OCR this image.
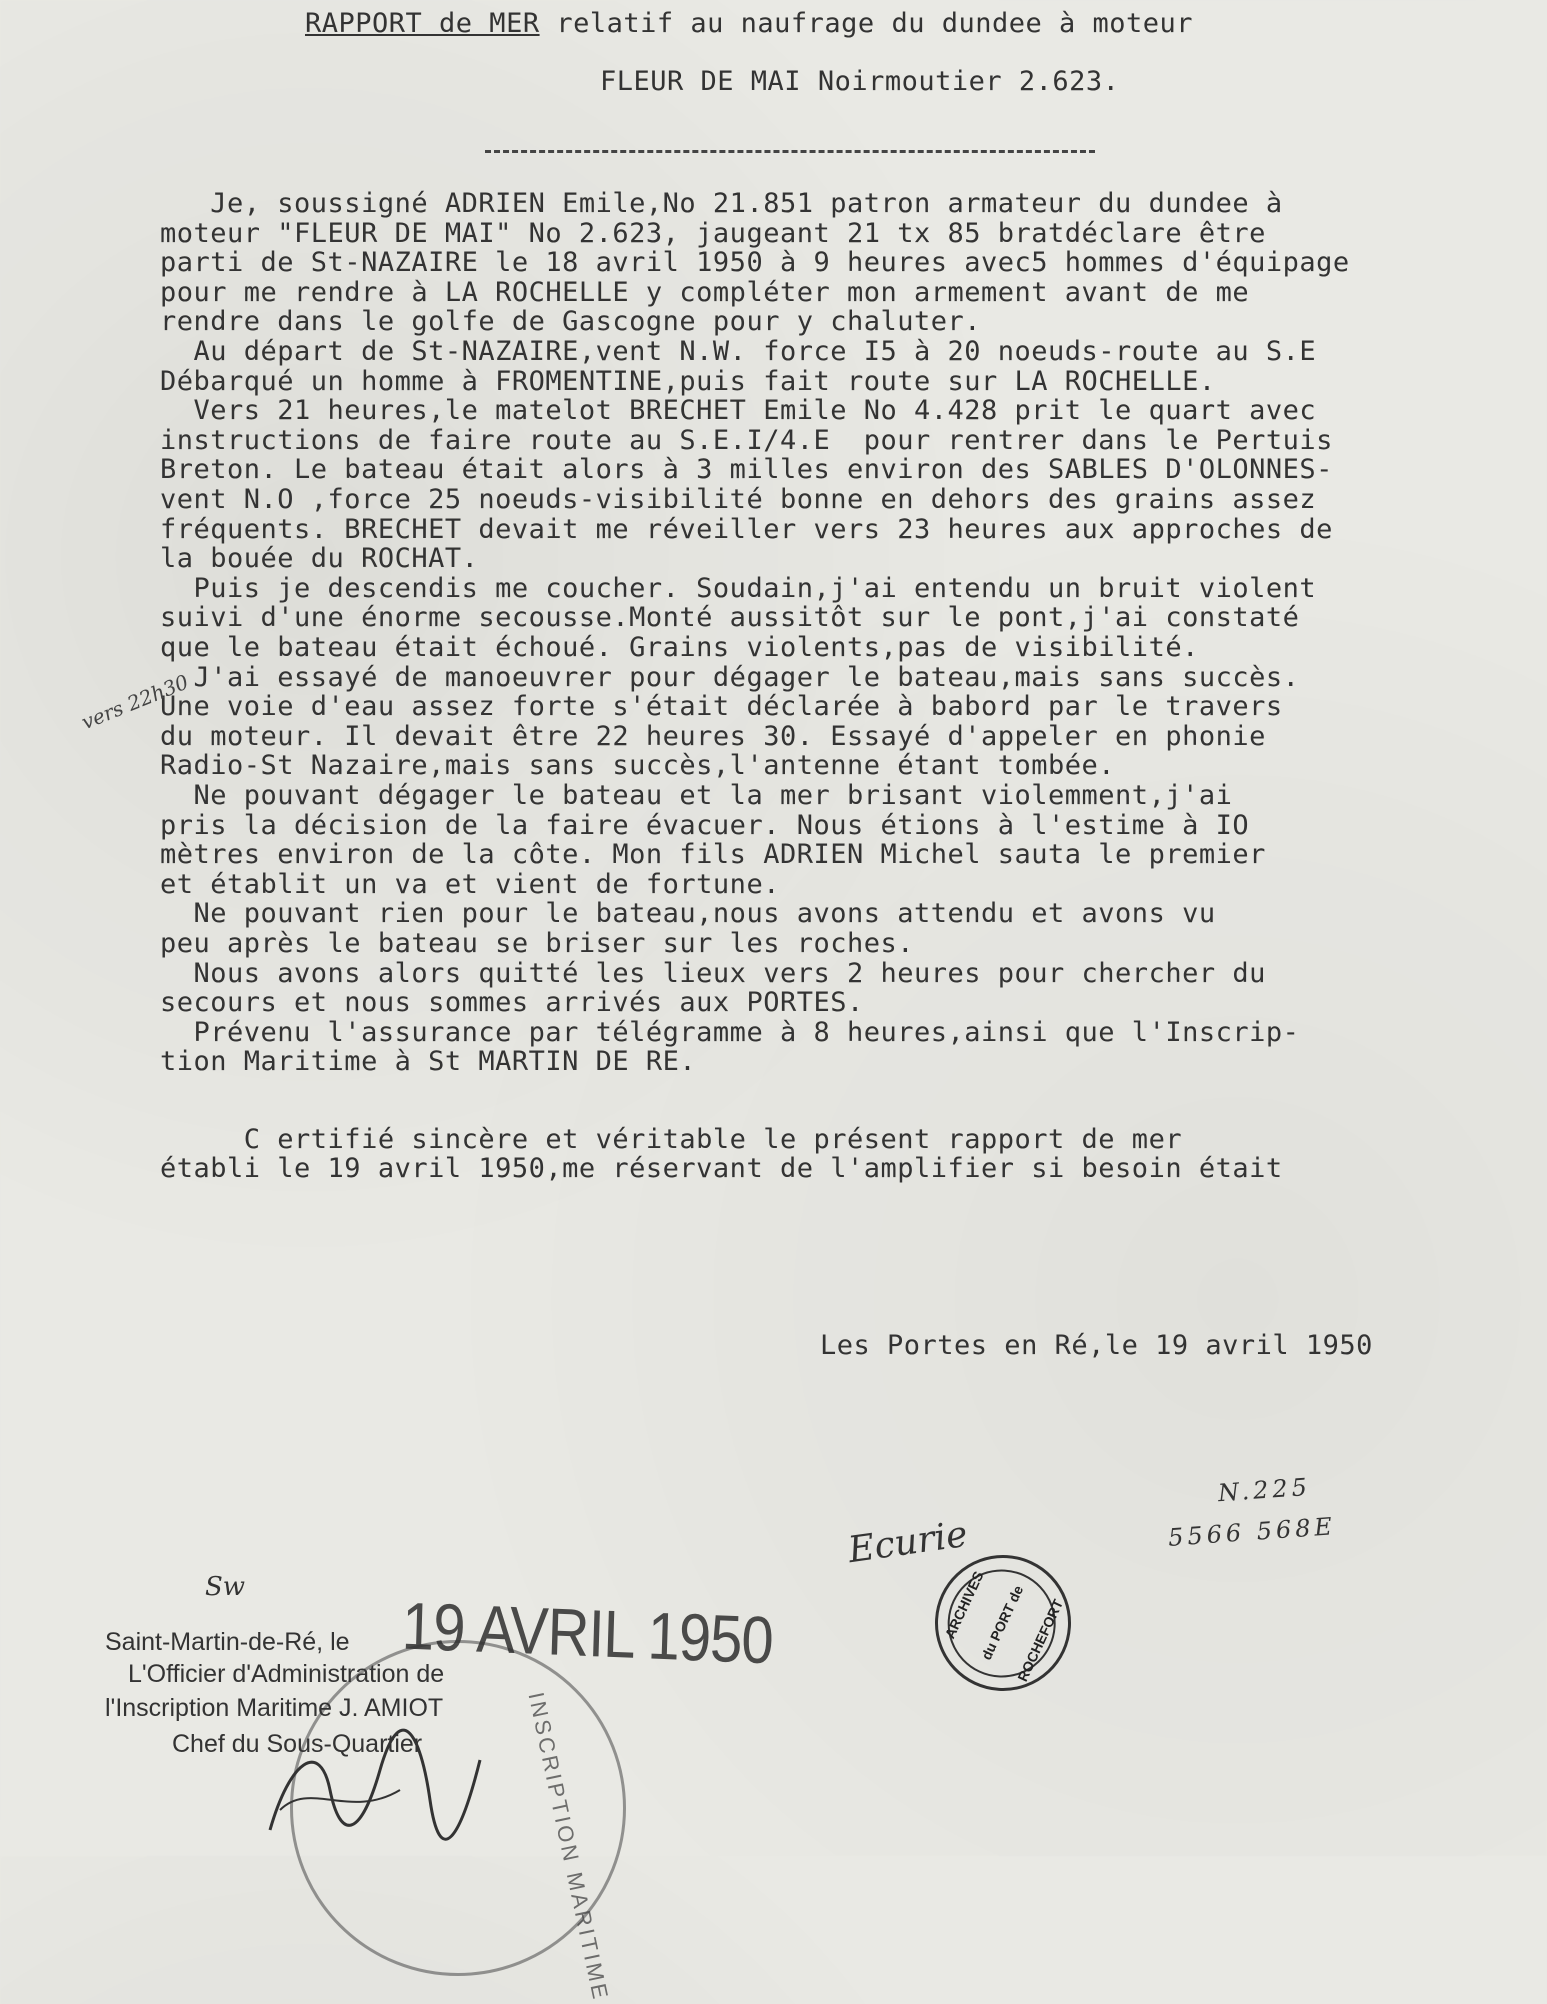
RAPPORT de MER relatif au naufrage du dundee à moteur
FLEUR DE MAI Noirmoutier 2.623.
Je, soussigné ADRIEN Emile,No 21.851 patron armateur du dundee à
moteur "FLEUR DE MAI" No 2.623, jaugeant 21 tx 85 bratdéclare être
parti de St-NAZAIRE le 18 avril 1950 à 9 heures avec5 hommes d'équipage
pour me rendre à LA ROCHELLE y compléter mon armement avant de me
rendre dans le golfe de Gascogne pour y chaluter.
Au départ de St-NAZAIRE,vent N.W. force I5 à 20 noeuds-route au S.E
Débarqué un homme à FROMENTINE,puis fait route sur LA ROCHELLE.
Vers 21 heures,le matelot BRECHET Emile No 4.428 prit le quart avec
instructions de faire route au S.E.I/4.E  pour rentrer dans le Pertuis
Breton. Le bateau était alors à 3 milles environ des SABLES D'OLONNES-
vent N.O ,force 25 noeuds-visibilité bonne en dehors des grains assez
fréquents. BRECHET devait me réveiller vers 23 heures aux approches de
la bouée du ROCHAT.
Puis je descendis me coucher. Soudain,j'ai entendu un bruit violent
suivi d'une énorme secousse.Monté aussitôt sur le pont,j'ai constaté
que le bateau était échoué. Grains violents,pas de visibilité.
J'ai essayé de manoeuvrer pour dégager le bateau,mais sans succès.
Une voie d'eau assez forte s'était déclarée à babord par le travers
du moteur. Il devait être 22 heures 30. Essayé d'appeler en phonie
Radio-St Nazaire,mais sans succès,l'antenne étant tombée.
Ne pouvant dégager le bateau et la mer brisant violemment,j'ai
pris la décision de la faire évacuer. Nous étions à l'estime à IO
mètres environ de la côte. Mon fils ADRIEN Michel sauta le premier
et établit un va et vient de fortune.
Ne pouvant rien pour le bateau,nous avons attendu et avons vu
peu après le bateau se briser sur les roches.
Nous avons alors quitté les lieux vers 2 heures pour chercher du
secours et nous sommes arrivés aux PORTES.
Prévenu l'assurance par télégramme à 8 heures,ainsi que l'Inscrip-
tion Maritime à St MARTIN DE RE.
C ertifié sincère et véritable le présent rapport de mer
établi le 19 avril 1950,me réservant de l'amplifier si besoin était
vers 22h30
Les Portes en Ré,le 19 avril 1950
Ecurie
N.225
5566 568E
ARCHIVES
du PORT de
ROCHEFORT
INSCRIPTION MARITIME
Sw
Saint-Martin-de-Ré, le
L'Officier d'Administration de
l'Inscription Maritime J. AMIOT
Chef du Sous-Quartier
19 AVRIL 1950
